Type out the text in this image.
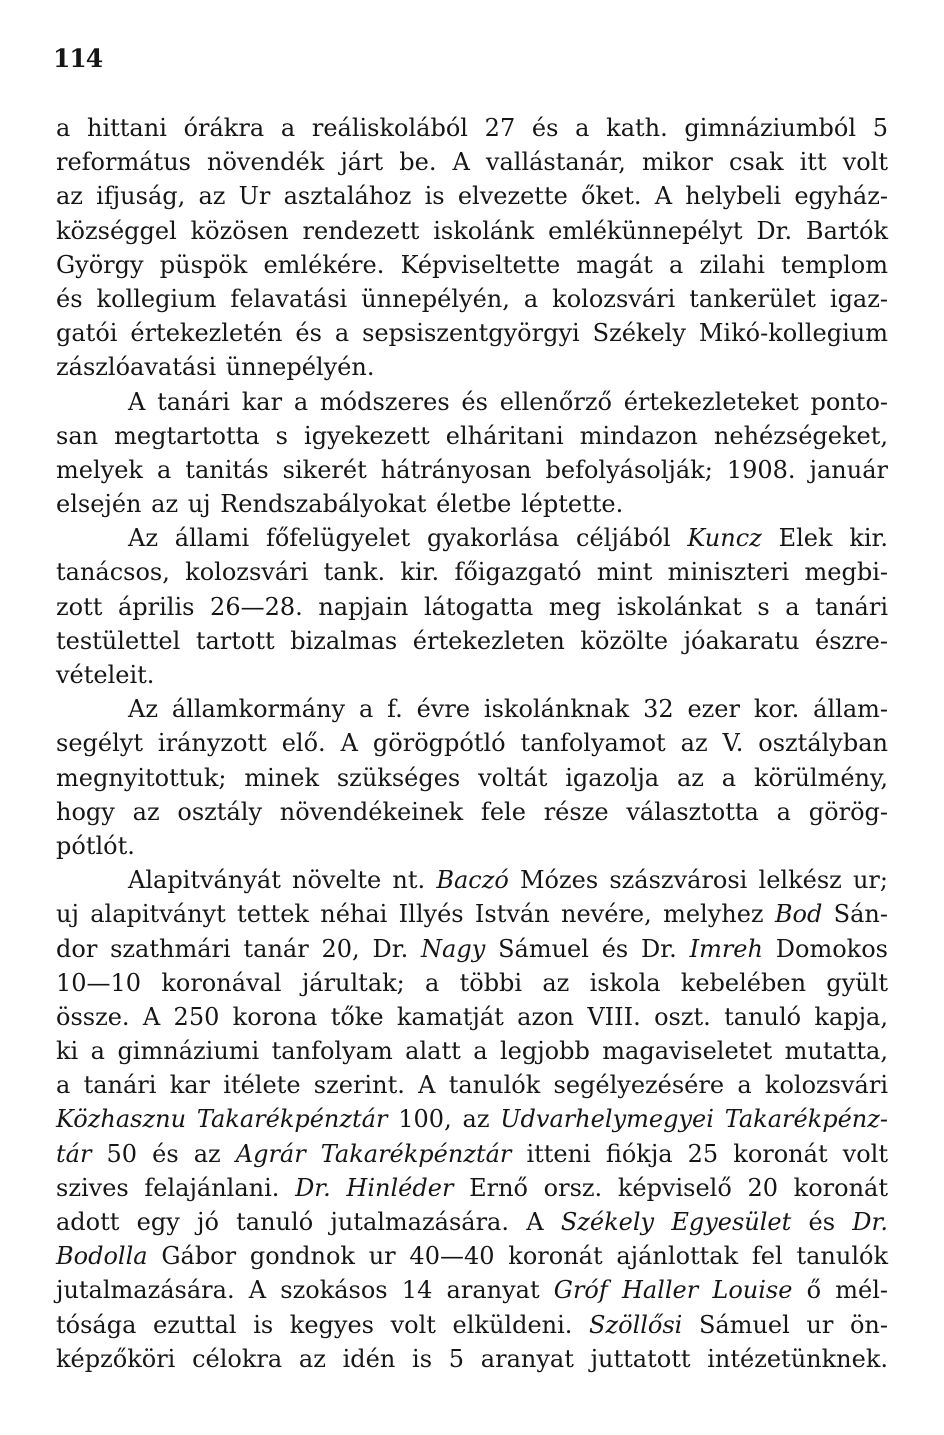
114
a hittani órákra a reáliskolából 27 és a kath. gimnáziumból 5
református növendék járt be. A vallástanár, mikor csak itt volt
az ifjuság, az Ur asztalához is elvezette őket. A helybeli egyház-
községgel közösen rendezett iskolánk emlékünnepélyt Dr. Bartók
György püspök emlékére. Képviseltette magát a zilahi templom
és kollegium felavatási ünnepélyén, a kolozsvári tankerület igaz-
gatói értekezletén és a sepsiszentgyörgyi Székely Mikó-kollegium
zászlóavatási ünnepélyén.
A tanári kar a módszeres és ellenőrző értekezleteket ponto-
san megtartotta s igyekezett elháritani mindazon nehézségeket,
melyek a tanitás sikerét hátrányosan befolyásolják; 1908. január
elsején az uj Rendszabályokat életbe léptette.
Az állami főfelügyelet gyakorlása céljából Kuncz Elek kir.
tanácsos, kolozsvári tank. kir. főigazgató mint miniszteri megbi-
zott április 26—28. napjain látogatta meg iskolánkat s a tanári
testülettel tartott bizalmas értekezleten közölte jóakaratu észre-
vételeit.
Az államkormány a f. évre iskolánknak 32 ezer kor. állam-
segélyt irányzott elő. A görögpótló tanfolyamot az V. osztályban
megnyitottuk; minek szükséges voltát igazolja az a körülmény,
hogy az osztály növendékeinek fele része választotta a görög-
pótlót.
Alapitványát növelte nt. Baczó Mózes szászvárosi lelkész ur;
uj alapitványt tettek néhai Illyés István nevére, melyhez Bod Sán-
dor szathmári tanár 20, Dr. Nagy Sámuel és Dr. Imreh Domokos
10—10 koronával járultak; a többi az iskola kebelében gyült
össze. A 250 korona tőke kamatját azon VIII. oszt. tanuló kapja,
ki a gimnáziumi tanfolyam alatt a legjobb magaviseletet mutatta,
a tanári kar itélete szerint. A tanulók segélyezésére a kolozsvári
Közhasznu Takarékpénztár 100, az Udvarhelymegyei Takarékpénz-
tár 50 és az Agrár Takarékpénztár itteni fiókja 25 koronát volt
szives felajánlani. Dr. Hinléder Ernő orsz. képviselő 20 koronát
adott egy jó tanuló jutalmazására. A Székely Egyesület és Dr.
Bodolla Gábor gondnok ur 40—40 koronát ajánlottak fel tanulók
jutalmazására. A szokásos 14 aranyat Gróf Haller Louise ő mél-
tósága ezuttal is kegyes volt elküldeni. Szöllősi Sámuel ur ön-
képzőköri célokra az idén is 5 aranyat juttatott intézetünknek.
